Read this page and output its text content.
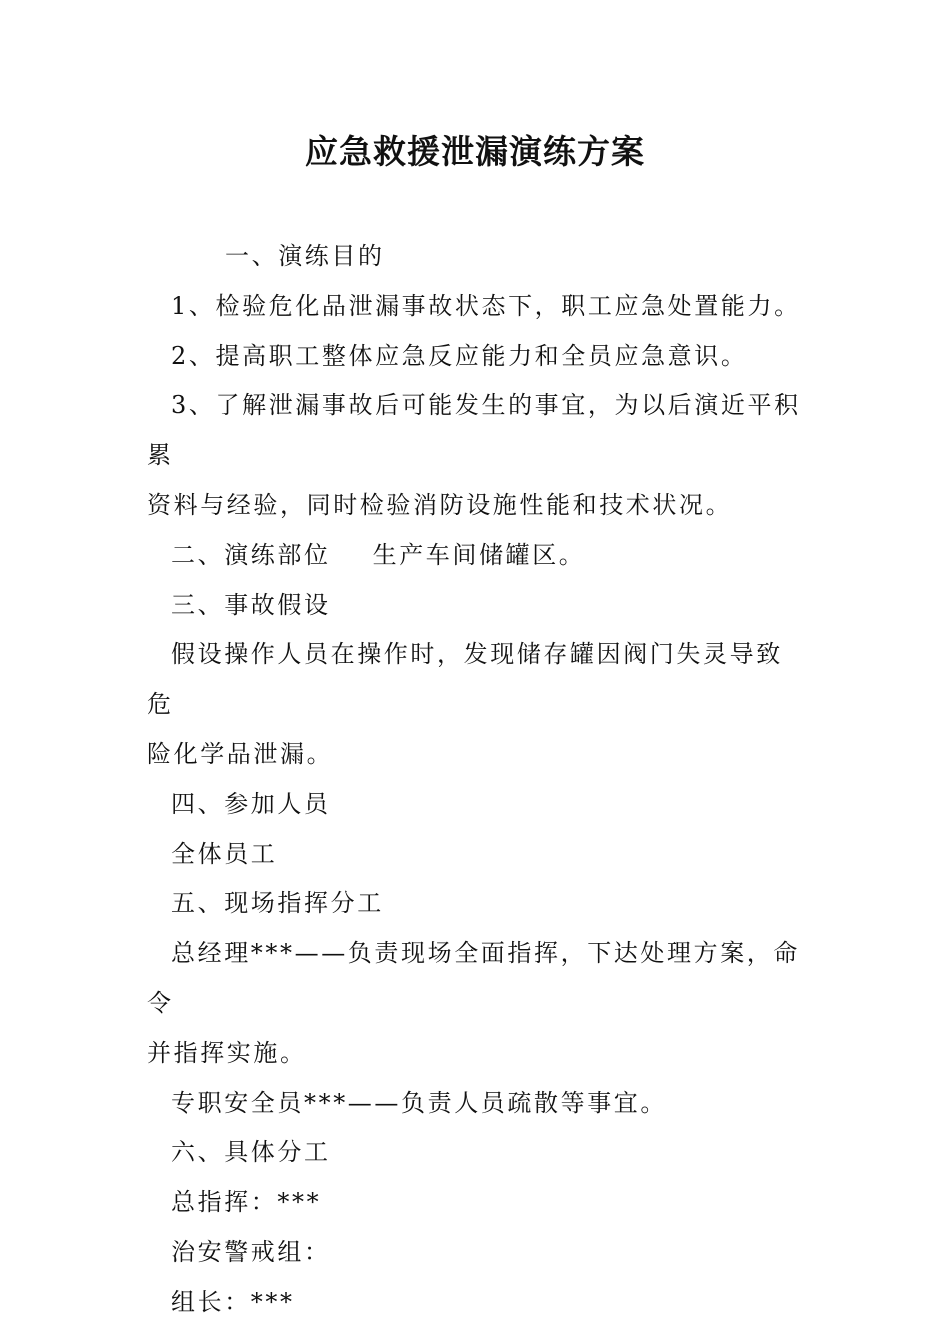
应急救援泄漏演练方案

一、演练目的

1、检验危化品泄漏事故状态下，职工应急处置能力。

2、提高职工整体应急反应能力和全员应急意识。

3、了解泄漏事故后可能发生的事宜，为以后演近平积累

资料与经验，同时检验消防设施性能和技术状况。

二、演练部位 生产车间储罐区。

三、事故假设

假设操作人员在操作时，发现储存罐因阀门失灵导致危

险化学品泄漏。

四、参加人员

全体员工

五、现场指挥分工

总经理***——负责现场全面指挥，下达处理方案，命令

并指挥实施。

专职安全员***——负责人员疏散等事宜。

六、具体分工

总指挥：***

治安警戒组：

组长：***
